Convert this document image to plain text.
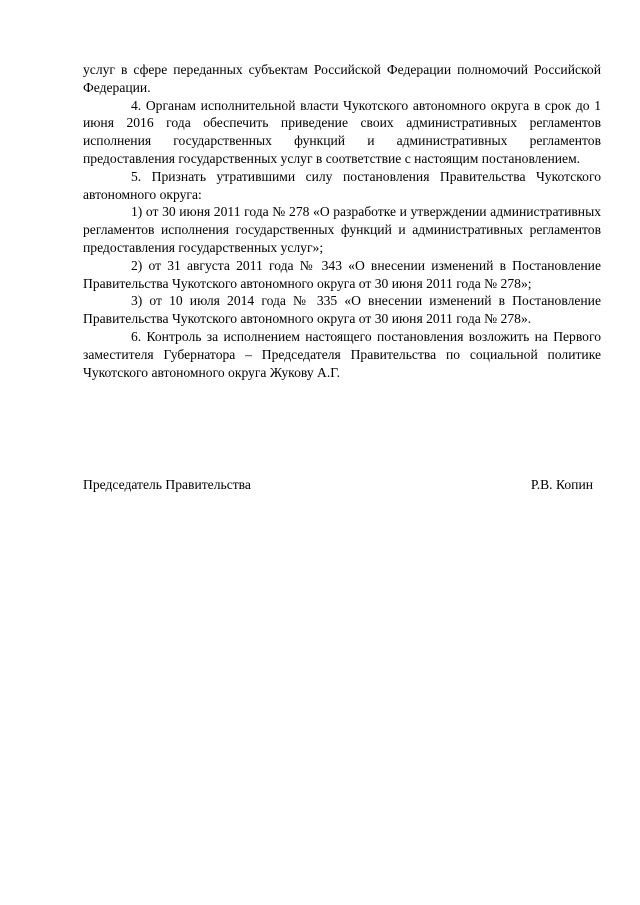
услуг в сфере переданных субъектам Российской Федерации полномочий Российской Федерации.

4. Органам исполнительной власти Чукотского автономного округа в срок до 1 июня 2016 года обеспечить приведение своих административных регламентов исполнения государственных функций и административных регламентов предоставления государственных услуг в соответствие с настоящим постановлением.

5. Признать утратившими силу постановления Правительства Чукотского автономного округа:

1) от 30 июня 2011 года № 278 «О разработке и утверждении административных регламентов исполнения государственных функций и административных регламентов предоставления государственных услуг»;

2) от 31 августа 2011 года № 343 «О внесении изменений в Постановление Правительства Чукотского автономного округа от 30 июня 2011 года № 278»;

3) от 10 июля 2014 года № 335 «О внесении изменений в Постановление Правительства Чукотского автономного округа от 30 июня 2011 года № 278».

6. Контроль за исполнением настоящего постановления возложить на Первого заместителя Губернатора – Председателя Правительства по социальной политике Чукотского автономного округа Жукову А.Г.

Председатель Правительства	Р.В. Копин
